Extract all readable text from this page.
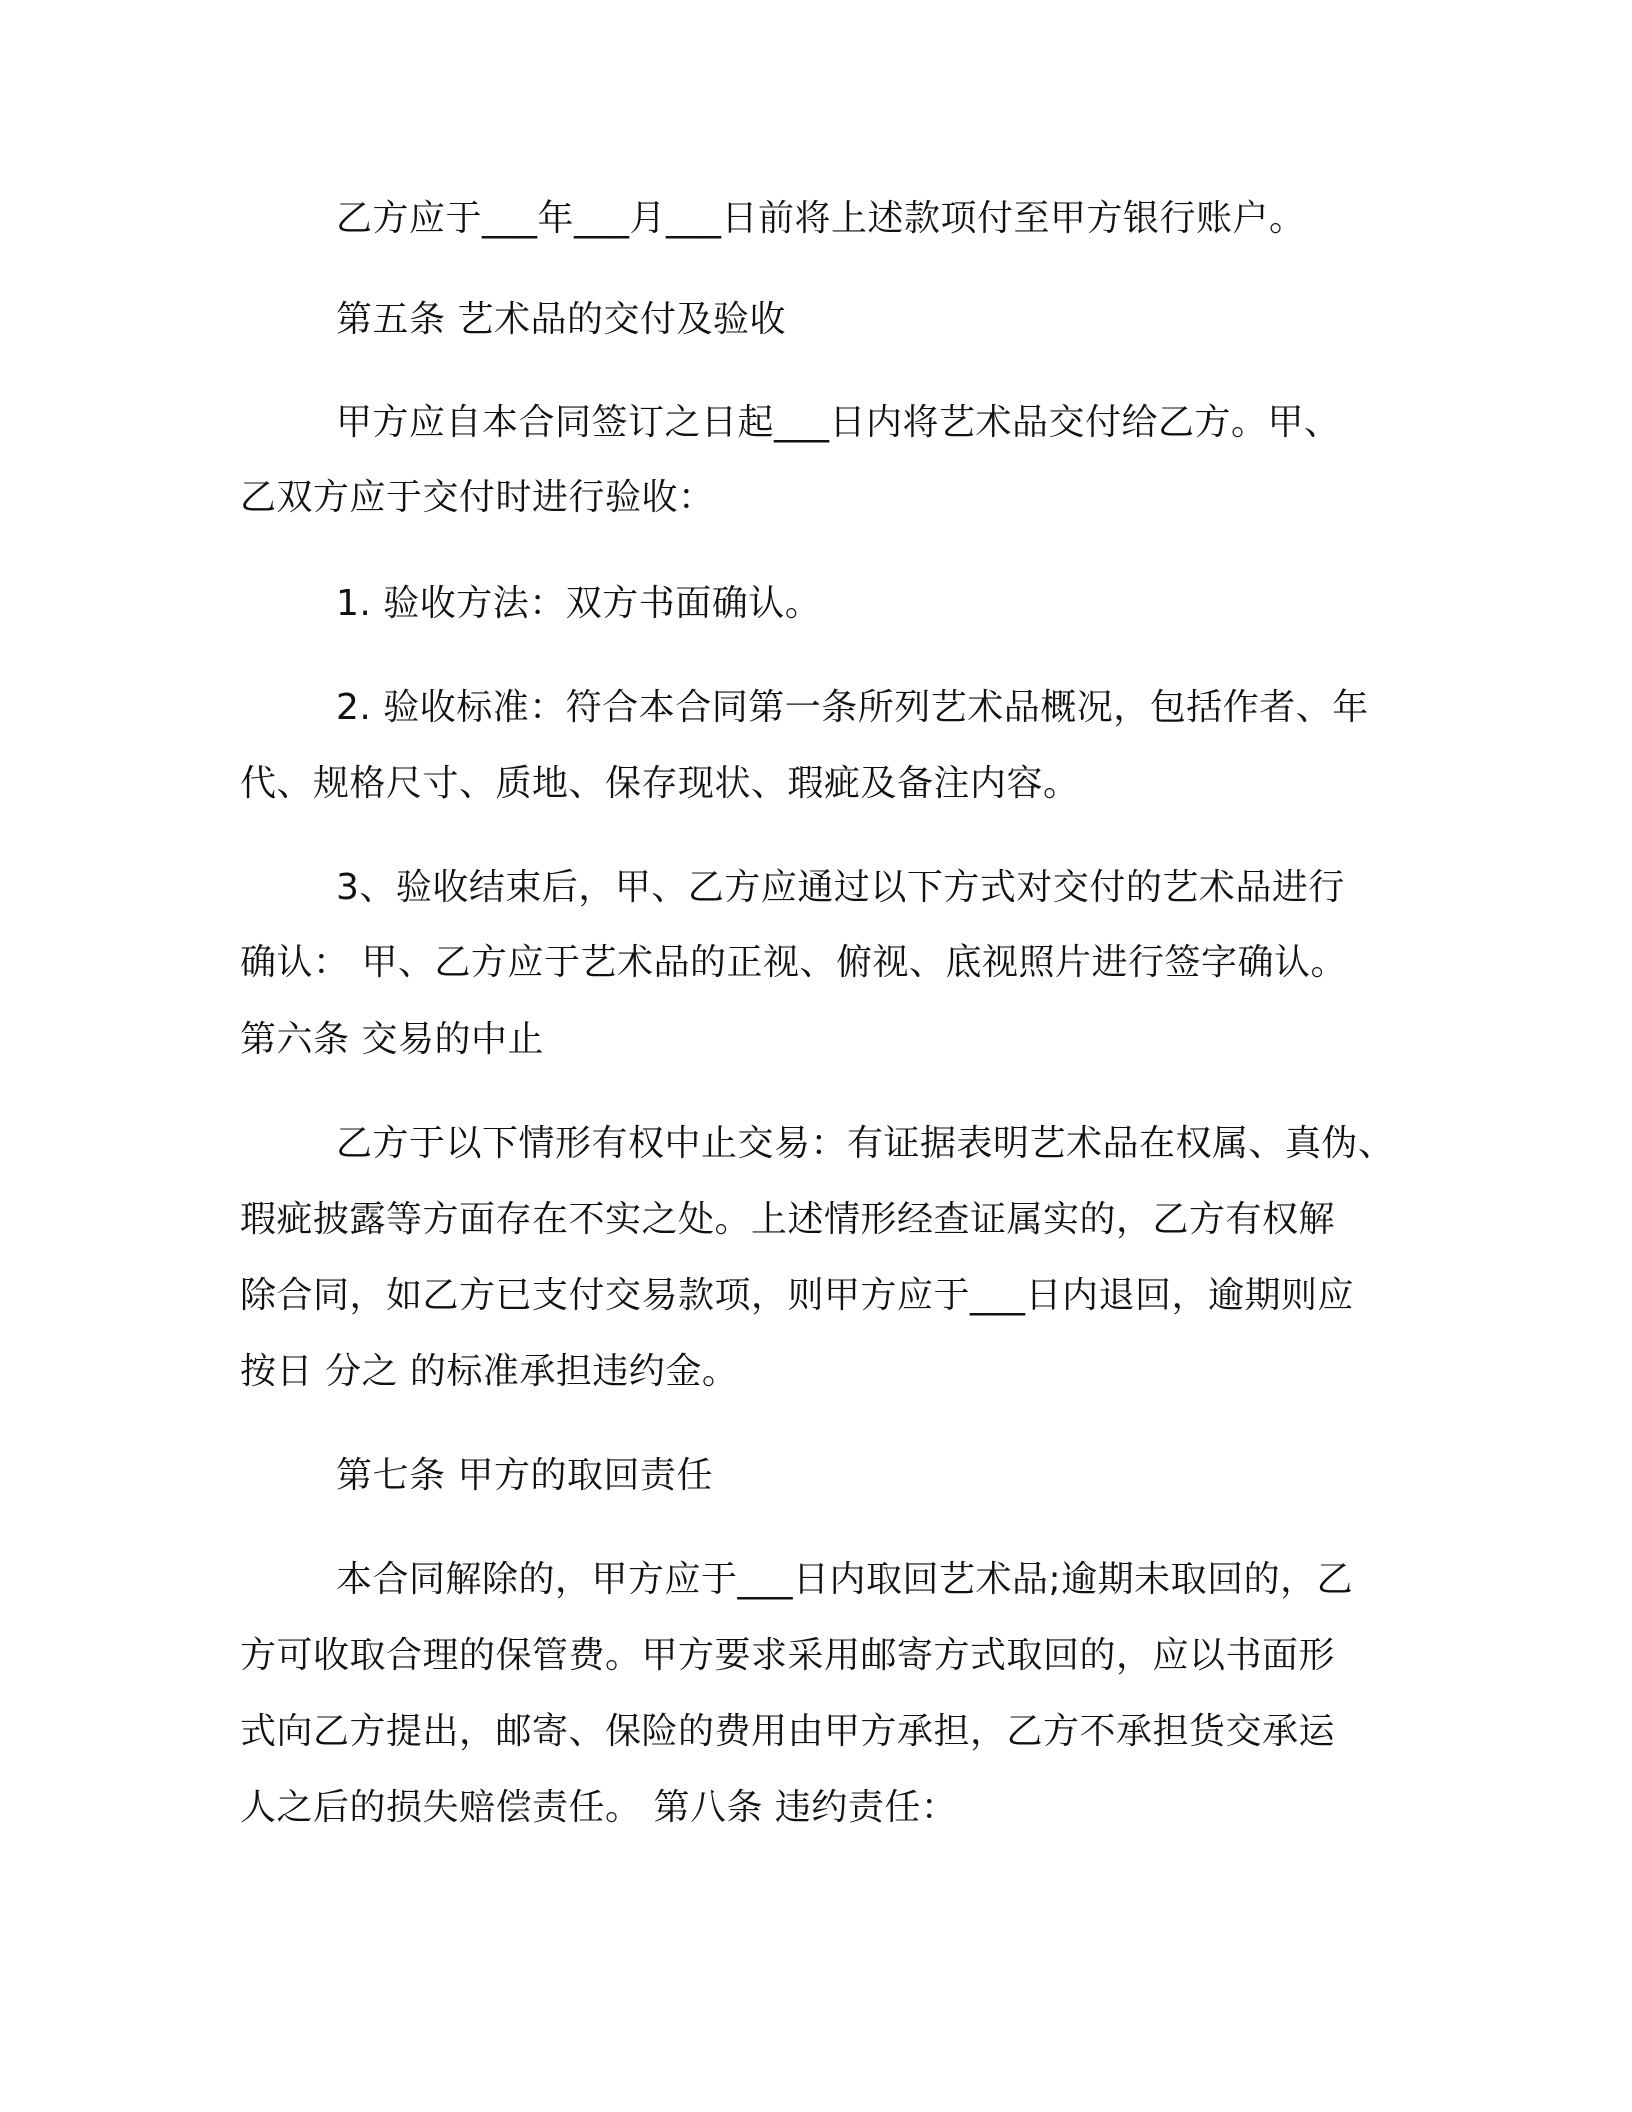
乙方应于___年___月___日前将上述款项付至甲方银行账户。

第五条 艺术品的交付及验收

甲方应自本合同签订之日起___日内将艺术品交付给乙方。甲、

乙双方应于交付时进行验收：

1. 验收方法：双方书面确认。

2. 验收标准：符合本合同第一条所列艺术品概况，包括作者、年

代、规格尺寸、质地、保存现状、瑕疵及备注内容。

3、验收结束后，甲、乙方应通过以下方式对交付的艺术品进行

确认： 甲、乙方应于艺术品的正视、俯视、底视照片进行签字确认。

第六条 交易的中止

乙方于以下情形有权中止交易：有证据表明艺术品在权属、真伪、

瑕疵披露等方面存在不实之处。上述情形经查证属实的，乙方有权解

除合同，如乙方已支付交易款项，则甲方应于___日内退回，逾期则应

按日 分之 的标准承担违约金。

第七条 甲方的取回责任

本合同解除的，甲方应于___日内取回艺术品;逾期未取回的，乙

方可收取合理的保管费。甲方要求采用邮寄方式取回的，应以书面形

式向乙方提出，邮寄、保险的费用由甲方承担，乙方不承担货交承运

人之后的损失赔偿责任。 第八条 违约责任：
